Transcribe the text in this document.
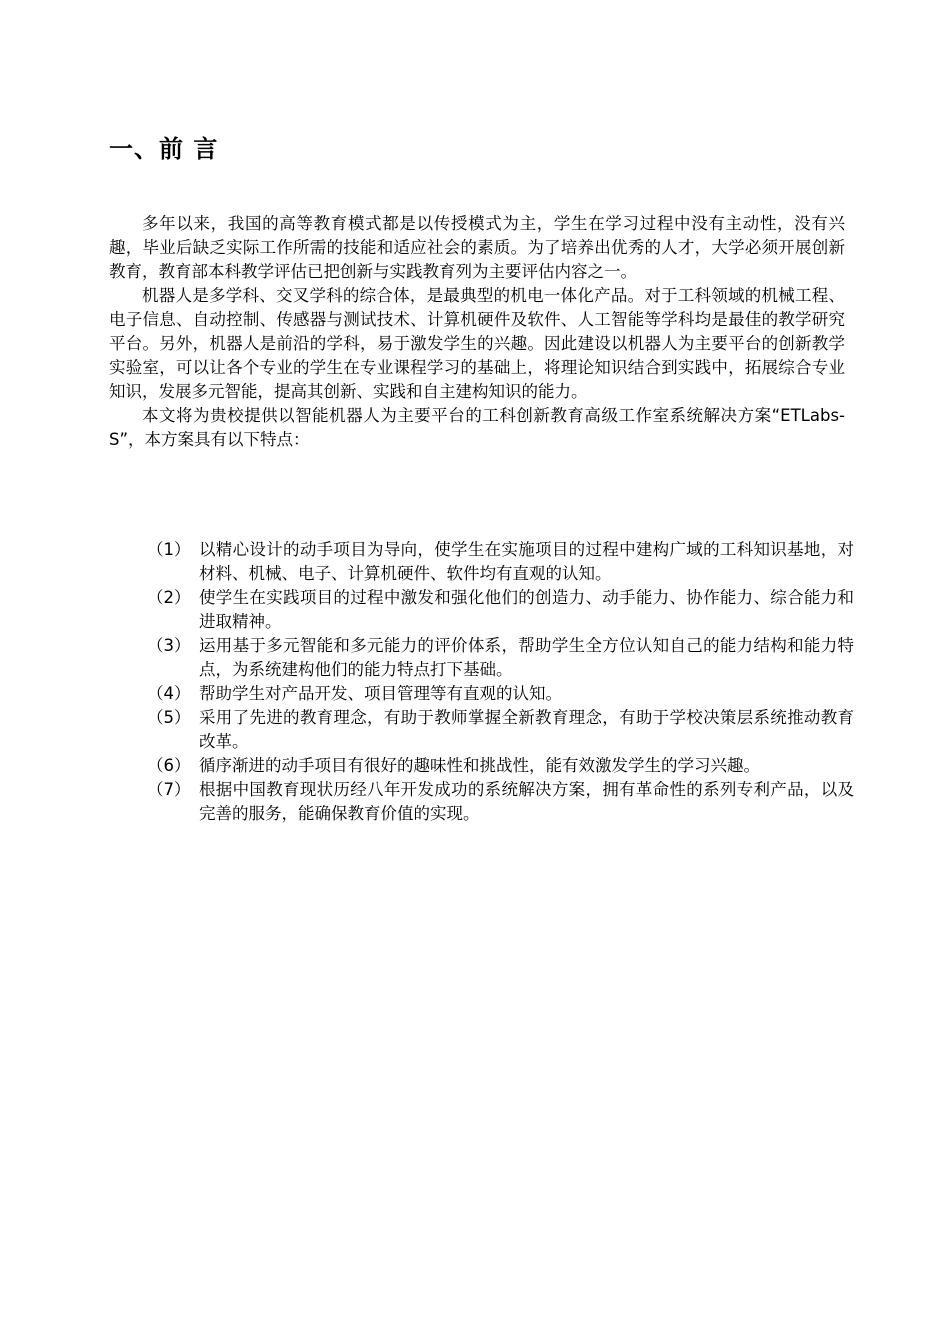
一、前 言

多年以来，我国的高等教育模式都是以传授模式为主，学生在学习过程中没有主动性，没有兴趣，毕业后缺乏实际工作所需的技能和适应社会的素质。为了培养出优秀的人才，大学必须开展创新教育，教育部本科教学评估已把创新与实践教育列为主要评估内容之一。

机器人是多学科、交叉学科的综合体，是最典型的机电一体化产品。对于工科领域的机械工程、电子信息、自动控制、传感器与测试技术、计算机硬件及软件、人工智能等学科均是最佳的教学研究平台。另外，机器人是前沿的学科，易于激发学生的兴趣。因此建设以机器人为主要平台的创新教学实验室，可以让各个专业的学生在专业课程学习的基础上，将理论知识结合到实践中，拓展综合专业知识，发展多元智能，提高其创新、实践和自主建构知识的能力。

本文将为贵校提供以智能机器人为主要平台的工科创新教育高级工作室系统解决方案“ETLabs-S”，本方案具有以下特点：

（1） 以精心设计的动手项目为导向，使学生在实施项目的过程中建构广域的工科知识基地，对材料、机械、电子、计算机硬件、软件均有直观的认知。
（2） 使学生在实践项目的过程中激发和强化他们的创造力、动手能力、协作能力、综合能力和进取精神。
（3） 运用基于多元智能和多元能力的评价体系，帮助学生全方位认知自己的能力结构和能力特点，为系统建构他们的能力特点打下基础。
（4） 帮助学生对产品开发、项目管理等有直观的认知。
（5） 采用了先进的教育理念，有助于教师掌握全新教育理念，有助于学校决策层系统推动教育改革。
（6） 循序渐进的动手项目有很好的趣味性和挑战性，能有效激发学生的学习兴趣。
（7） 根据中国教育现状历经八年开发成功的系统解决方案，拥有革命性的系列专利产品，以及完善的服务，能确保教育价值的实现。
